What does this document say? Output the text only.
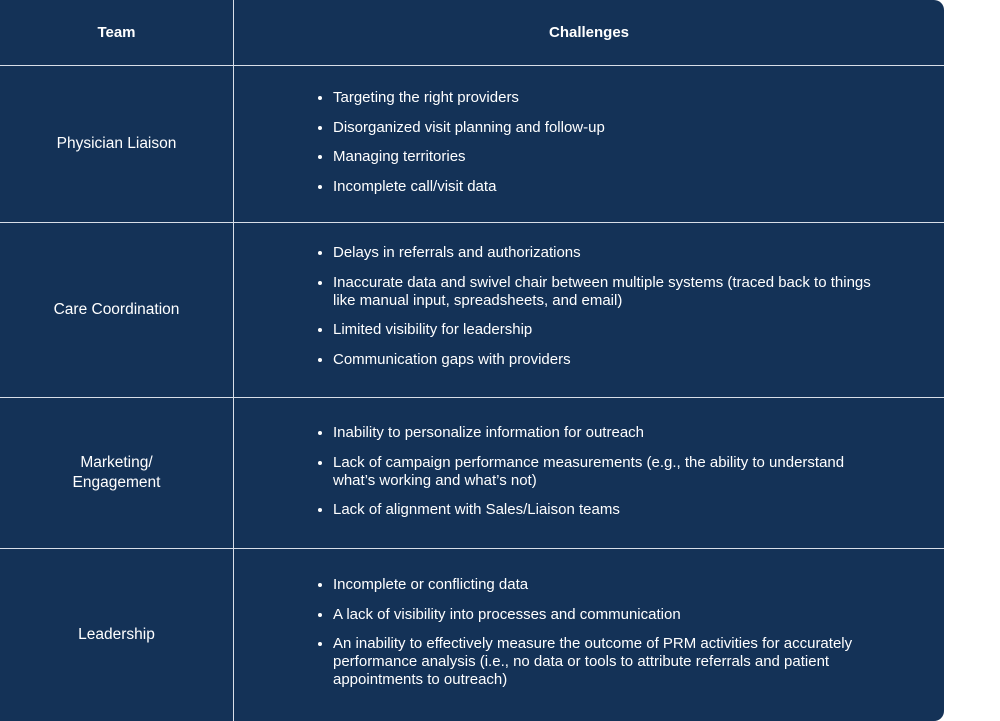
Team	Challenges
Physician Liaison
Targeting the right providers
Disorganized visit planning and follow-up
Managing territories
Incomplete call/visit data
Care Coordination
Delays in referrals and authorizations
Inaccurate data and swivel chair between multiple systems (traced back to things like manual input, spreadsheets, and email)
Limited visibility for leadership
Communication gaps with providers
Marketing/ Engagement
Inability to personalize information for outreach
Lack of campaign performance measurements (e.g., the ability to understand what’s working and what’s not)
Lack of alignment with Sales/Liaison teams
Leadership
Incomplete or conflicting data
A lack of visibility into processes and communication
An inability to effectively measure the outcome of PRM activities for accurately performance analysis (i.e., no data or tools to attribute referrals and patient appointments to outreach)
